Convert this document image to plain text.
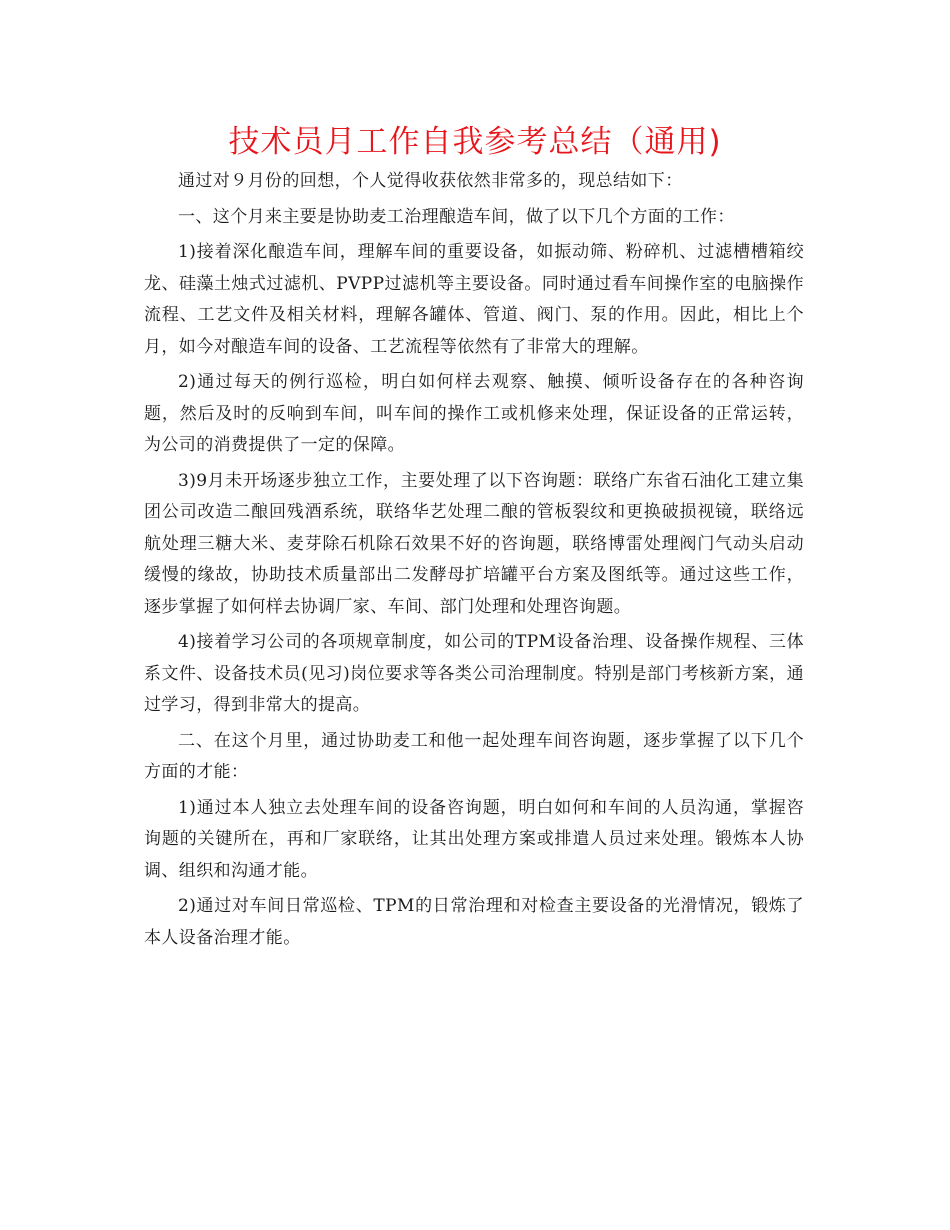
技术员月工作自我参考总结（通用)

通过对９月份的回想，个人觉得收获依然非常多的，现总结如下：

一、这个月来主要是协助麦工治理酿造车间，做了以下几个方面的工作：

1)接着深化酿造车间，理解车间的重要设备，如振动筛、粉碎机、过滤槽槽箱绞龙、硅藻土烛式过滤机、PVPP过滤机等主要设备。同时通过看车间操作室的电脑操作流程、工艺文件及相关材料，理解各罐体、管道、阀门、泵的作用。因此，相比上个月，如今对酿造车间的设备、工艺流程等依然有了非常大的理解。

2)通过每天的例行巡检，明白如何样去观察、触摸、倾听设备存在的各种咨询题，然后及时的反响到车间，叫车间的操作工或机修来处理，保证设备的正常运转，为公司的消费提供了一定的保障。

3)9月未开场逐步独立工作，主要处理了以下咨询题：联络广东省石油化工建立集团公司改造二酿回残酒系统，联络华艺处理二酿的管板裂纹和更换破损视镜，联络远航处理三糖大米、麦芽除石机除石效果不好的咨询题，联络博雷处理阀门气动头启动缓慢的缘故，协助技术质量部出二发酵母扩培罐平台方案及图纸等。通过这些工作，逐步掌握了如何样去协调厂家、车间、部门处理和处理咨询题。

4)接着学习公司的各项规章制度，如公司的TPM设备治理、设备操作规程、三体系文件、设备技术员(见习)岗位要求等各类公司治理制度。特别是部门考核新方案，通过学习，得到非常大的提高。

二、在这个月里，通过协助麦工和他一起处理车间咨询题，逐步掌握了以下几个方面的才能：

1)通过本人独立去处理车间的设备咨询题，明白如何和车间的人员沟通，掌握咨询题的关键所在，再和厂家联络，让其出处理方案或排遣人员过来处理。锻炼本人协调、组织和沟通才能。

2)通过对车间日常巡检、TPM的日常治理和对检查主要设备的光滑情况，锻炼了本人设备治理才能。
